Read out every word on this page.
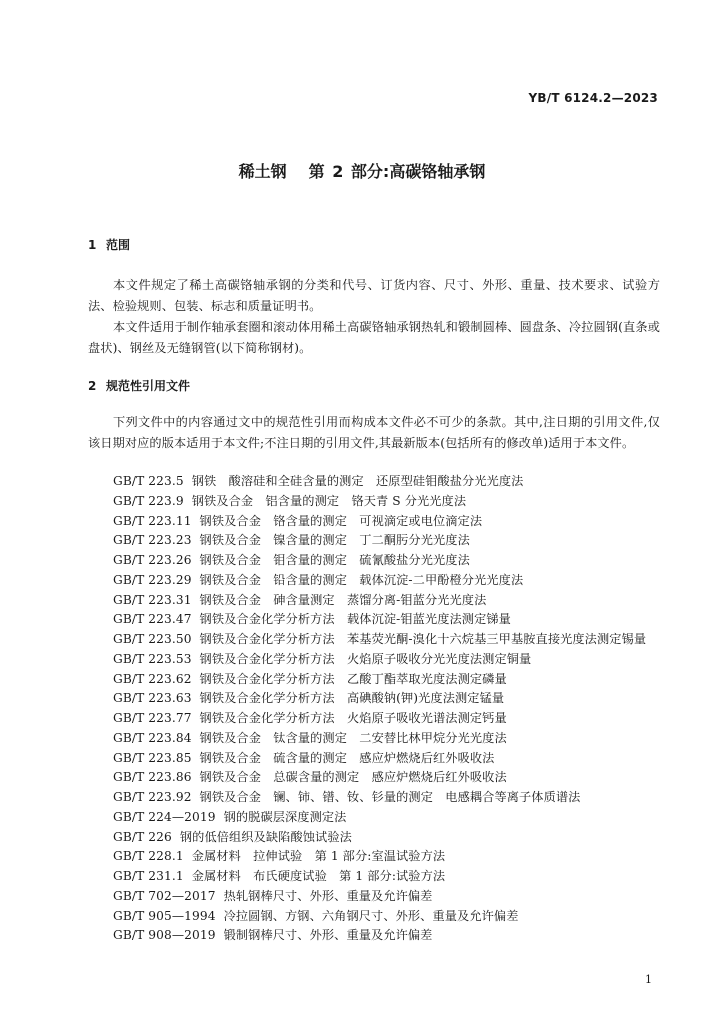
YB/T 6124.2—2023
稀土钢 第 2 部分:高碳铬轴承钢
1 范围
本文件规定了稀土高碳铬轴承钢的分类和代号、订货内容、尺寸、外形、重量、技术要求、试验方法、检验规则、包装、标志和质量证明书。
本文件适用于制作轴承套圈和滚动体用稀土高碳铬轴承钢热轧和锻制圆棒、圆盘条、冷拉圆钢(直条或盘状)、钢丝及无缝钢管(以下简称钢材)。
2 规范性引用文件
下列文件中的内容通过文中的规范性引用而构成本文件必不可少的条款。其中,注日期的引用文件,仅该日期对应的版本适用于本文件;不注日期的引用文件,其最新版本(包括所有的修改单)适用于本文件。
GB/T 223.5 钢铁　酸溶硅和全硅含量的测定　还原型硅钼酸盐分光光度法
GB/T 223.9 钢铁及合金　铝含量的测定　铬天青 S 分光光度法
GB/T 223.11 钢铁及合金　铬含量的测定　可视滴定或电位滴定法
GB/T 223.23 钢铁及合金　镍含量的测定　丁二酮肟分光光度法
GB/T 223.26 钢铁及合金　钼含量的测定　硫氰酸盐分光光度法
GB/T 223.29 钢铁及合金　铅含量的测定　载体沉淀-二甲酚橙分光光度法
GB/T 223.31 钢铁及合金　砷含量测定　蒸馏分离-钼蓝分光光度法
GB/T 223.47 钢铁及合金化学分析方法　载体沉淀-钼蓝光度法测定锑量
GB/T 223.50 钢铁及合金化学分析方法　苯基荧光酮-溴化十六烷基三甲基胺直接光度法测定锡量
GB/T 223.53 钢铁及合金化学分析方法　火焰原子吸收分光光度法测定铜量
GB/T 223.62 钢铁及合金化学分析方法　乙酸丁酯萃取光度法测定磷量
GB/T 223.63 钢铁及合金化学分析方法　高碘酸钠(钾)光度法测定锰量
GB/T 223.77 钢铁及合金化学分析方法　火焰原子吸收光谱法测定钙量
GB/T 223.84 钢铁及合金　钛含量的测定　二安替比林甲烷分光光度法
GB/T 223.85 钢铁及合金　硫含量的测定　感应炉燃烧后红外吸收法
GB/T 223.86 钢铁及合金　总碳含量的测定　感应炉燃烧后红外吸收法
GB/T 223.92 钢铁及合金　镧、铈、镨、钕、钐量的测定　电感耦合等离子体质谱法
GB/T 224—2019 钢的脱碳层深度测定法
GB/T 226 钢的低倍组织及缺陷酸蚀试验法
GB/T 228.1 金属材料　拉伸试验　第 1 部分:室温试验方法
GB/T 231.1 金属材料　布氏硬度试验　第 1 部分:试验方法
GB/T 702—2017 热轧钢棒尺寸、外形、重量及允许偏差
GB/T 905—1994 冷拉圆钢、方钢、六角钢尺寸、外形、重量及允许偏差
GB/T 908—2019 锻制钢棒尺寸、外形、重量及允许偏差
1
